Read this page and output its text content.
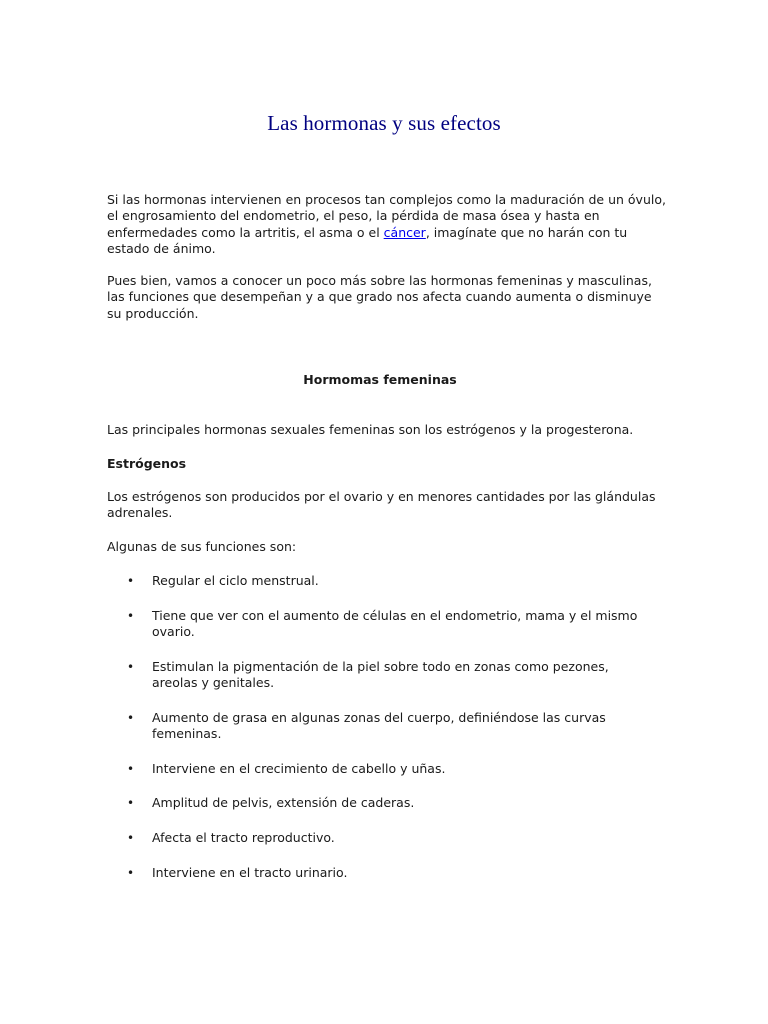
Las hormonas y sus efectos

Si las hormonas intervienen en procesos tan complejos como la maduración de un óvulo, el engrosamiento del endometrio, el peso, la pérdida de masa ósea y hasta en enfermedades como la artritis, el asma o el cáncer, imagínate que no harán con tu estado de ánimo.

Pues bien, vamos a conocer un poco más sobre las hormonas femeninas y masculinas, las funciones que desempeñan y a que grado nos afecta cuando aumenta o disminuye su producción.

Hormomas femeninas

Las principales hormonas sexuales femeninas son los estrógenos y la progesterona.

Estrógenos

Los estrógenos son producidos por el ovario y en menores cantidades por las glándulas adrenales.

Algunas de sus funciones son:

• Regular el ciclo menstrual.
• Tiene que ver con el aumento de células en el endometrio, mama y el mismo ovario.
• Estimulan la pigmentación de la piel sobre todo en zonas como pezones, areolas y genitales.
• Aumento de grasa en algunas zonas del cuerpo, definiéndose las curvas femeninas.
• Interviene en el crecimiento de cabello y uñas.
• Amplitud de pelvis, extensión de caderas.
• Afecta el tracto reproductivo.
• Interviene en el tracto urinario.
